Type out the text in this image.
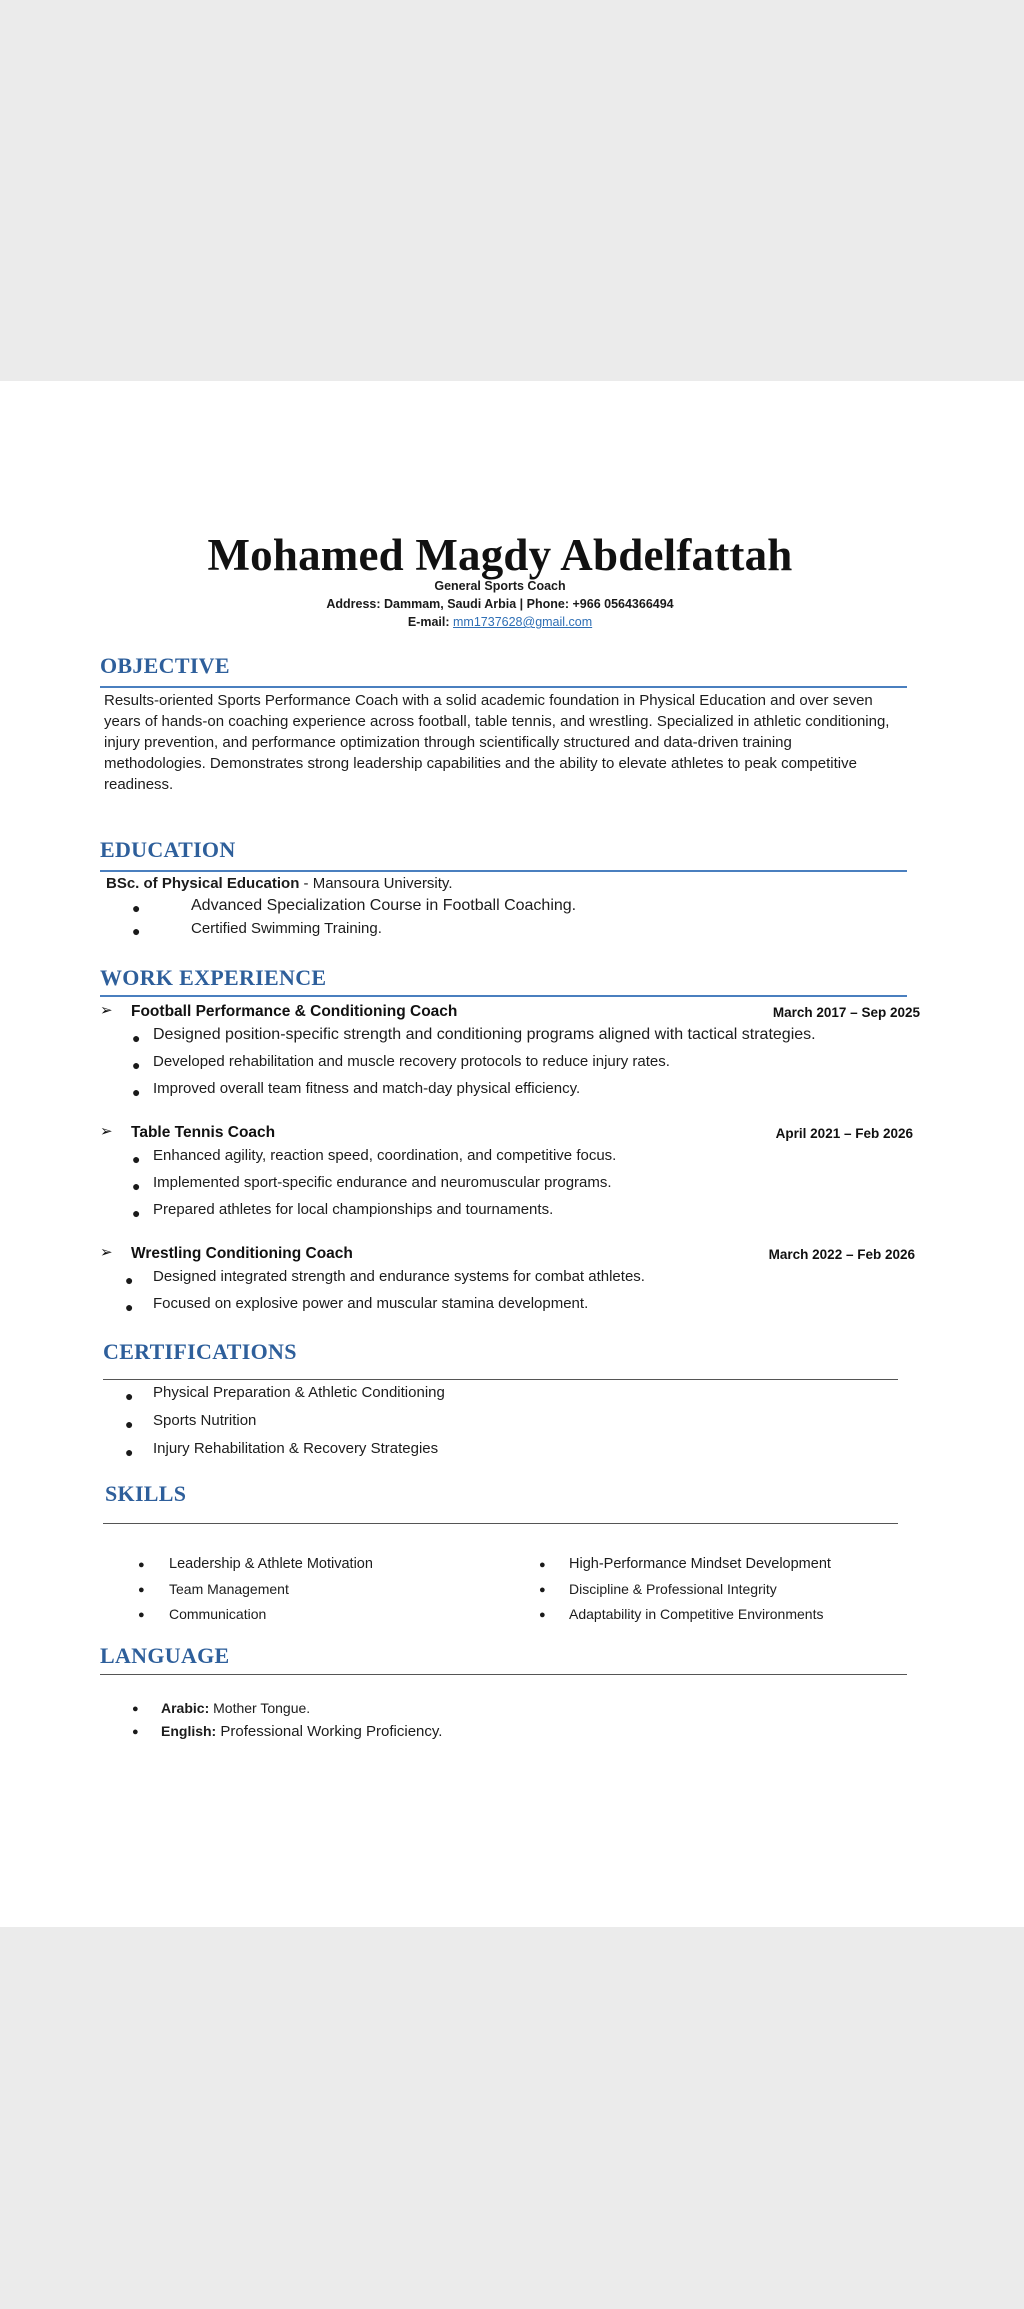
Mohamed Magdy Abdelfattah
General Sports Coach
Address: Dammam, Saudi Arbia | Phone: +966 0564366494
E-mail: mm1737628@gmail.com
OBJECTIVE
Results-oriented Sports Performance Coach with a solid academic foundation in Physical Education and over seven
years of hands-on coaching experience across football, table tennis, and wrestling. Specialized in athletic conditioning,
injury prevention, and performance optimization through scientifically structured and data-driven training
methodologies. Demonstrates strong leadership capabilities and the ability to elevate athletes to peak competitive
readiness.
EDUCATION
BSc. of Physical Education - Mansoura University.
●	Advanced Specialization Course in Football Coaching.
●	Certified Swimming Training.
WORK EXPERIENCE
➢ Football Performance & Conditioning Coach	March 2017 – Sep 2025
● Designed position-specific strength and conditioning programs aligned with tactical strategies.
● Developed rehabilitation and muscle recovery protocols to reduce injury rates.
● Improved overall team fitness and match-day physical efficiency.
➢ Table Tennis Coach	April 2021 – Feb 2026
● Enhanced agility, reaction speed, coordination, and competitive focus.
● Implemented sport-specific endurance and neuromuscular programs.
● Prepared athletes for local championships and tournaments.
➢ Wrestling Conditioning Coach	March 2022 – Feb 2026
● Designed integrated strength and endurance systems for combat athletes.
● Focused on explosive power and muscular stamina development.
CERTIFICATIONS
● Physical Preparation & Athletic Conditioning
● Sports Nutrition
● Injury Rehabilitation & Recovery Strategies
SKILLS
● Leadership & Athlete Motivation
● Team Management
● Communication
● High-Performance Mindset Development
● Discipline & Professional Integrity
● Adaptability in Competitive Environments
LANGUAGE
● Arabic: Mother Tongue.
● English: Professional Working Proficiency.
